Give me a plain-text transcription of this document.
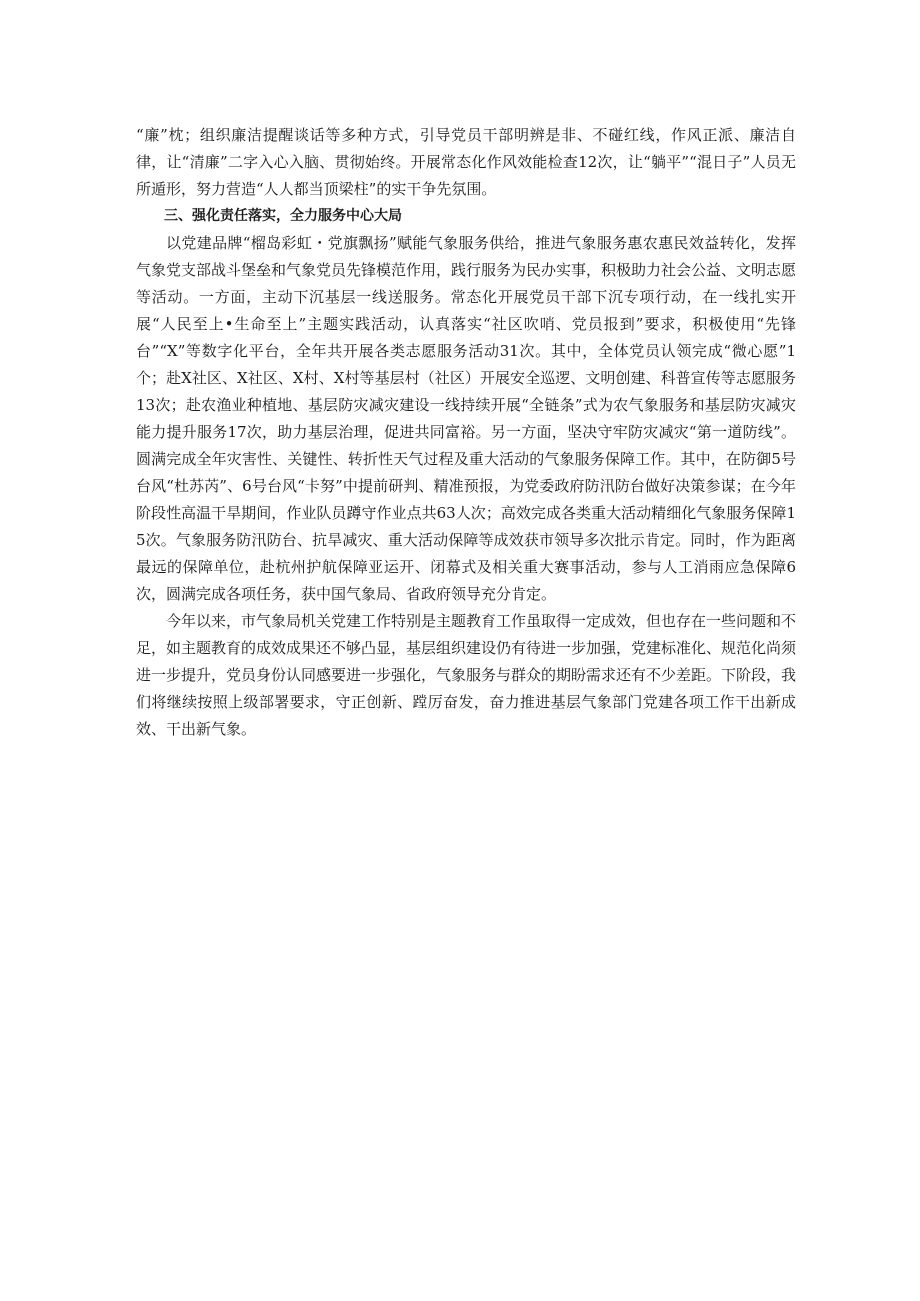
“廉”枕；组织廉洁提醒谈话等多种方式，引导党员干部明辨是非、不碰红线，作风正派、廉洁自律，让“清廉”二字入心入脑、贯彻始终。开展常态化作风效能检查12次，让“躺平”“混日子”人员无所遁形，努力营造“人人都当顶梁柱”的实干争先氛围。

三、强化责任落实，全力服务中心大局

以党建品牌“榴岛彩虹・党旗飘扬”赋能气象服务供给，推进气象服务惠农惠民效益转化，发挥气象党支部战斗堡垒和气象党员先锋模范作用，践行服务为民办实事，积极助力社会公益、文明志愿等活动。一方面，主动下沉基层一线送服务。常态化开展党员干部下沉专项行动，在一线扎实开展“人民至上•生命至上”主题实践活动，认真落实“社区吹哨、党员报到”要求，积极使用“先锋台”“X”等数字化平台，全年共开展各类志愿服务活动31次。其中，全体党员认领完成“微心愿”1个；赴X社区、X社区、X村、X村等基层村（社区）开展安全巡逻、文明创建、科普宣传等志愿服务13次；赴农渔业种植地、基层防灾减灾建设一线持续开展“全链条”式为农气象服务和基层防灾减灾能力提升服务17次，助力基层治理，促进共同富裕。另一方面，坚决守牢防灾减灾“第一道防线”。圆满完成全年灾害性、关键性、转折性天气过程及重大活动的气象服务保障工作。其中，在防御5号台风“杜苏芮”、6号台风“卡努”中提前研判、精准预报，为党委政府防汛防台做好决策参谋；在今年阶段性高温干旱期间，作业队员蹲守作业点共63人次；高效完成各类重大活动精细化气象服务保障15次。气象服务防汛防台、抗旱减灾、重大活动保障等成效获市领导多次批示肯定。同时，作为距离最远的保障单位，赴杭州护航保障亚运开、闭幕式及相关重大赛事活动，参与人工消雨应急保障6次，圆满完成各项任务，获中国气象局、省政府领导充分肯定。

今年以来，市气象局机关党建工作特别是主题教育工作虽取得一定成效，但也存在一些问题和不足，如主题教育的成效成果还不够凸显，基层组织建设仍有待进一步加强，党建标准化、规范化尚须进一步提升，党员身份认同感要进一步强化，气象服务与群众的期盼需求还有不少差距。下阶段，我们将继续按照上级部署要求，守正创新、蹚厉奋发，奋力推进基层气象部门党建各项工作干出新成效、干出新气象。
